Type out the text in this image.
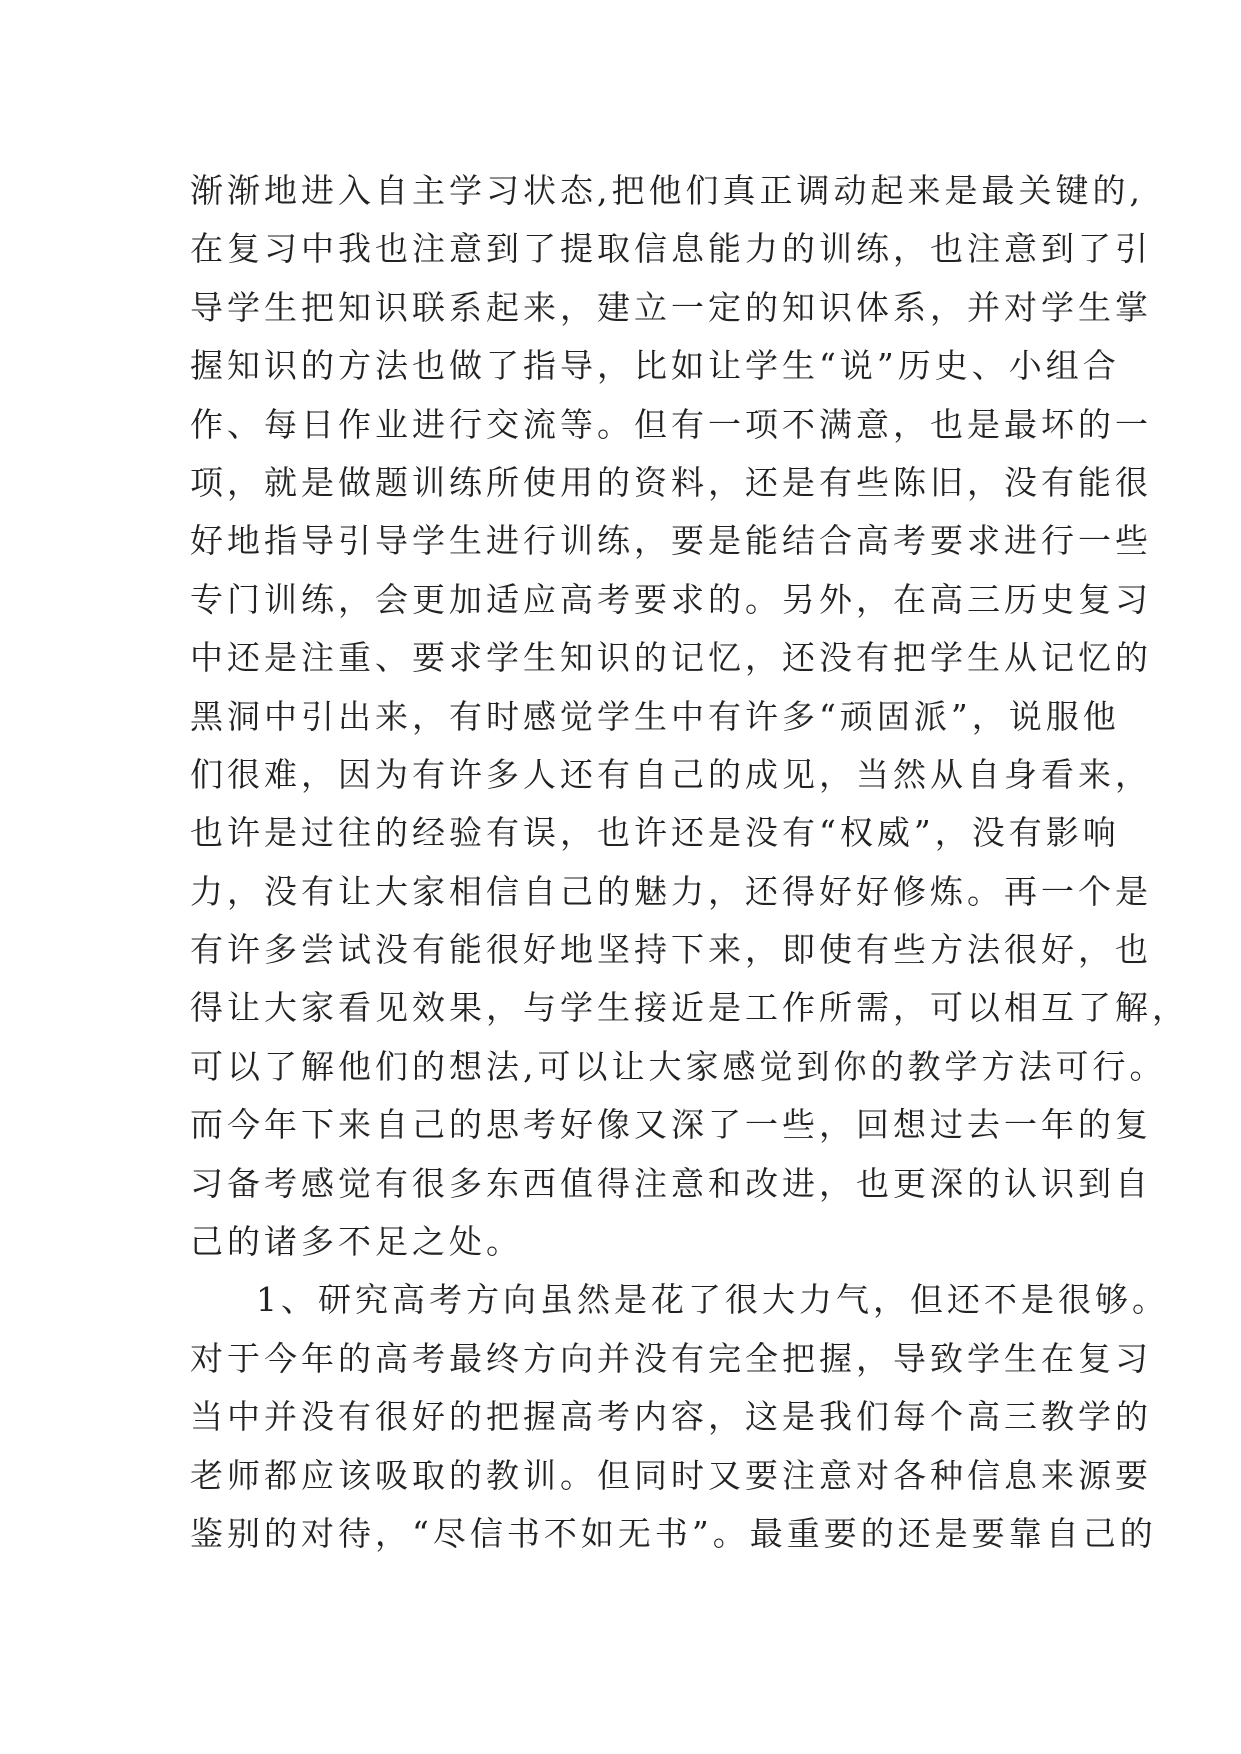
渐渐地进入自主学习状态,把他们真正调动起来是最关键的,
在复习中我也注意到了提取信息能力的训练，也注意到了引
导学生把知识联系起来，建立一定的知识体系，并对学生掌
握知识的方法也做了指导，比如让学生“说”历史、小组合
作、每日作业进行交流等。但有一项不满意，也是最坏的一
项，就是做题训练所使用的资料，还是有些陈旧，没有能很
好地指导引导学生进行训练，要是能结合高考要求进行一些
专门训练，会更加适应高考要求的。另外，在高三历史复习
中还是注重、要求学生知识的记忆，还没有把学生从记忆的
黑洞中引出来，有时感觉学生中有许多“顽固派”，说服他
们很难，因为有许多人还有自己的成见，当然从自身看来，
也许是过往的经验有误，也许还是没有“权威”，没有影响
力，没有让大家相信自己的魅力，还得好好修炼。再一个是
有许多尝试没有能很好地坚持下来，即使有些方法很好，也
得让大家看见效果，与学生接近是工作所需，可以相互了解，
可以了解他们的想法,可以让大家感觉到你的教学方法可行。
而今年下来自己的思考好像又深了一些，回想过去一年的复
习备考感觉有很多东西值得注意和改进，也更深的认识到自
己的诸多不足之处。
1、研究高考方向虽然是花了很大力气，但还不是很够。
对于今年的高考最终方向并没有完全把握，导致学生在复习
当中并没有很好的把握高考内容，这是我们每个高三教学的
老师都应该吸取的教训。但同时又要注意对各种信息来源要
鉴别的对待，“尽信书不如无书”。最重要的还是要靠自己的
